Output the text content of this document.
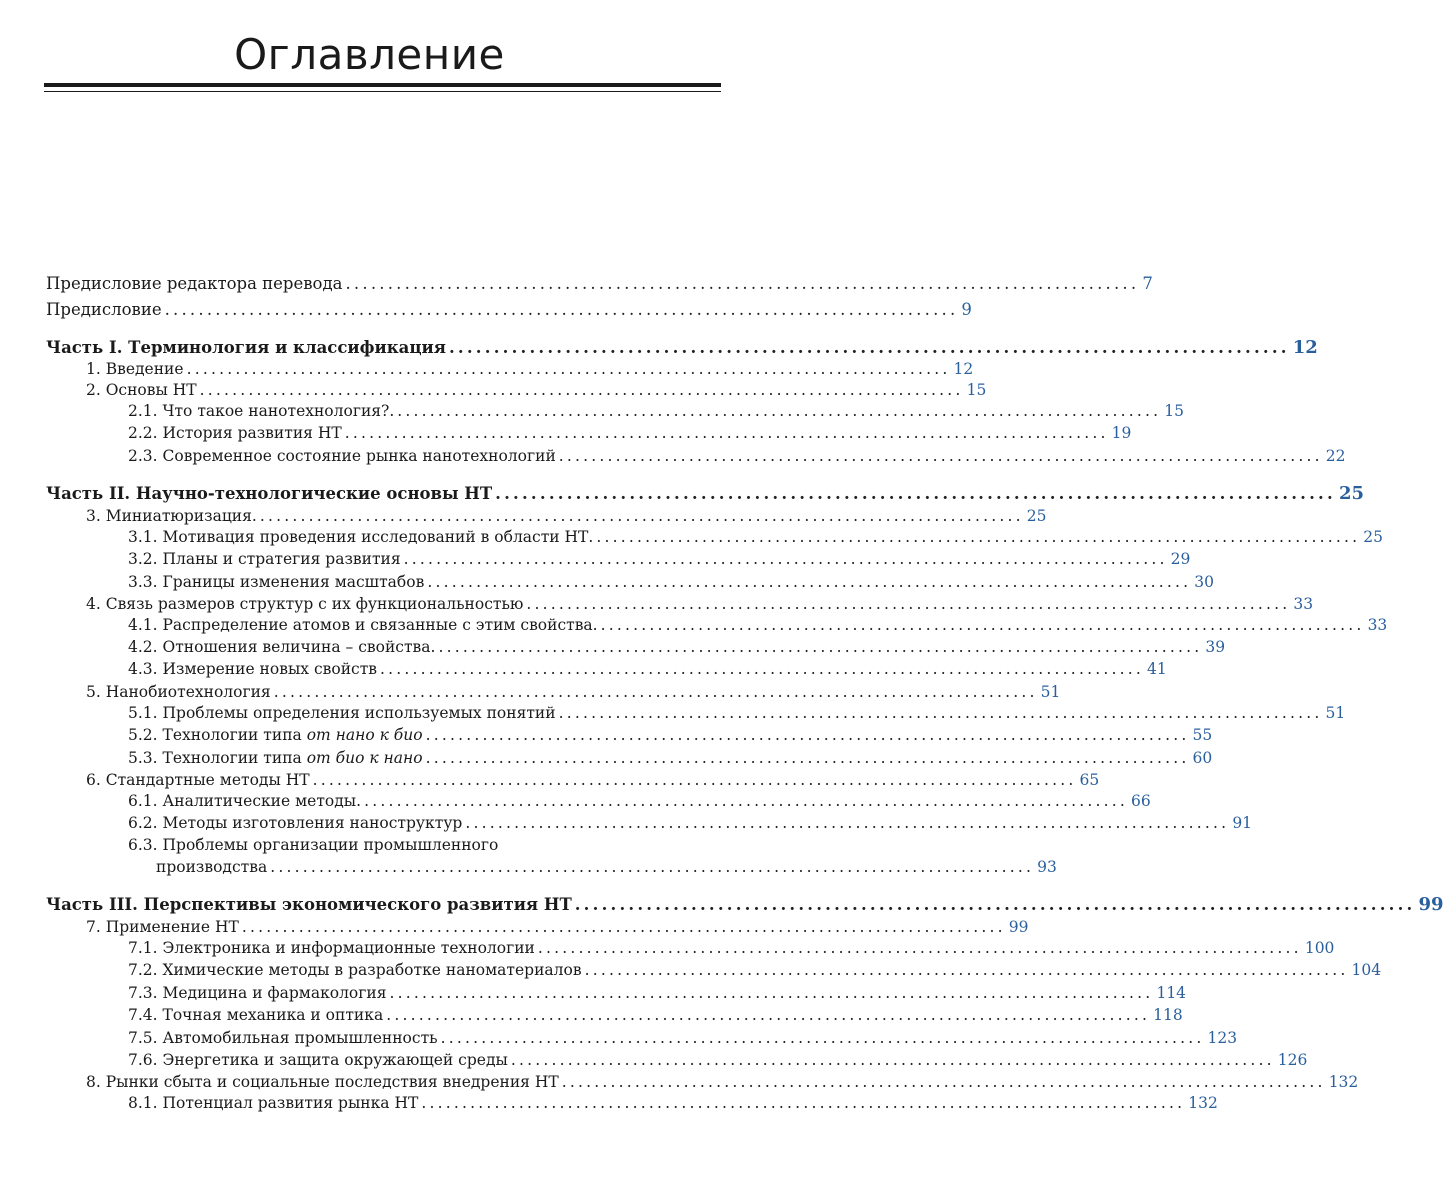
Оглавление
Предисловие редактора перевода .............................................................................................. 7
Предисловие .............................................................................................. 9
Часть I. Терминология и классификация .............................................................................................. 12
1. Введение .............................................................................................. 12
2. Основы НТ .............................................................................................. 15
2.1. Что такое нанотехнология?. .............................................................................................. 15
2.2. История развития НТ .............................................................................................. 19
2.3. Современное состояние рынка нанотехнологий .............................................................................................. 22
Часть II. Научно-технологические основы НТ .............................................................................................. 25
3. Миниатюризация. .............................................................................................. 25
3.1. Мотивация проведения исследований в области НТ. .............................................................................................. 25
3.2. Планы и стратегия развития .............................................................................................. 29
3.3. Границы изменения масштабов .............................................................................................. 30
4. Связь размеров структур с их функциональностью .............................................................................................. 33
4.1. Распределение атомов и связанные с этим свойства. .............................................................................................. 33
4.2. Отношения величина – свойства. .............................................................................................. 39
4.3. Измерение новых свойств .............................................................................................. 41
5. Нанобиотехнология .............................................................................................. 51
5.1. Проблемы определения используемых понятий .............................................................................................. 51
5.2. Технологии типа от нано к био .............................................................................................. 55
5.3. Технологии типа от био к нано .............................................................................................. 60
6. Стандартные методы НТ .............................................................................................. 65
6.1. Аналитические методы. .............................................................................................. 66
6.2. Методы изготовления наноструктур .............................................................................................. 91
6.3. Проблемы организации промышленного
производства .............................................................................................. 93
Часть III. Перспективы экономического развития НТ .............................................................................................. 99
7. Применение НТ .............................................................................................. 99
7.1. Электроника и информационные технологии .............................................................................................. 100
7.2. Химические методы в разработке наноматериалов .............................................................................................. 104
7.3. Медицина и фармакология .............................................................................................. 114
7.4. Точная механика и оптика .............................................................................................. 118
7.5. Автомобильная промышленность .............................................................................................. 123
7.6. Энергетика и защита окружающей среды .............................................................................................. 126
8. Рынки сбыта и социальные последствия внедрения НТ .............................................................................................. 132
8.1. Потенциал развития рынка НТ .............................................................................................. 132
